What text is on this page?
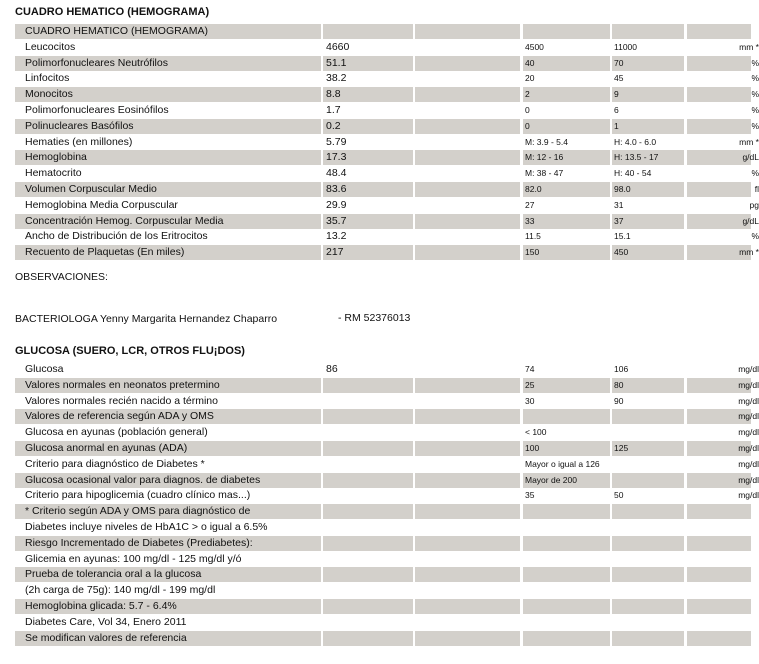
CUADRO HEMATICO (HEMOGRAMA)
CUADRO HEMATICO (HEMOGRAMA)
Leucocitos	4660	4500	11000	mm *
Polimorfonucleares Neutrófilos	51.1	40	70	%
Linfocitos	38.2	20	45	%
Monocitos	8.8	2	9	%
Polimorfonucleares Eosinófilos	1.7	0	6	%
Polinucleares Basófilos	0.2	0	1	%
Hematies (en millones)	5.79	M: 3.9 - 5.4	H: 4.0 - 6.0	mm *
Hemoglobina	17.3	M: 12 - 16	H: 13.5 - 17	g/dL
Hematocrito	48.4	M: 38 - 47	H: 40 - 54	%
Volumen Corpuscular Medio	83.6	82.0	98.0	fl
Hemoglobina Media Corpuscular	29.9	27	31	pg
Concentración Hemog. Corpuscular Media	35.7	33	37	g/dL
Ancho de Distribución de los Eritrocitos	13.2	11.5	15.1	%
Recuento de Plaquetas (En miles)	217	150	450	mm *
OBSERVACIONES:
BACTERIOLOGA Yenny Margarita Hernandez Chaparro	- RM 52376013
GLUCOSA (SUERO, LCR, OTROS FLU¡DOS)
Glucosa	86	74	106	mg/dl
Valores normales en neonatos pretermino	25	80	mg/dl
Valores normales recién nacido a término	30	90	mg/dl
Valores de referencia según ADA y OMS	mg/dl
Glucosa en ayunas (población general)	< 100	mg/dl
Glucosa anormal en ayunas (ADA)	100	125	mg/dl
Criterio para diagnóstico de Diabetes *	Mayor o igual a 126	mg/dl
Glucosa ocasional valor para diagnos. de diabetes	Mayor de 200	mg/dl
Criterio para hipoglicemia (cuadro clínico mas...)	35	50	mg/dl
* Criterio según ADA y OMS para diagnóstico de
Diabetes incluye niveles de HbA1C > o igual a 6.5%
Riesgo Incrementado de Diabetes (Prediabetes):
Glicemia en ayunas: 100 mg/dl - 125 mg/dl y/ó
Prueba de tolerancia oral a la glucosa
(2h carga de 75g): 140 mg/dl - 199 mg/dl
Hemoglobina glicada: 5.7 - 6.4%
Diabetes Care, Vol 34, Enero 2011
Se modifican valores de referencia
